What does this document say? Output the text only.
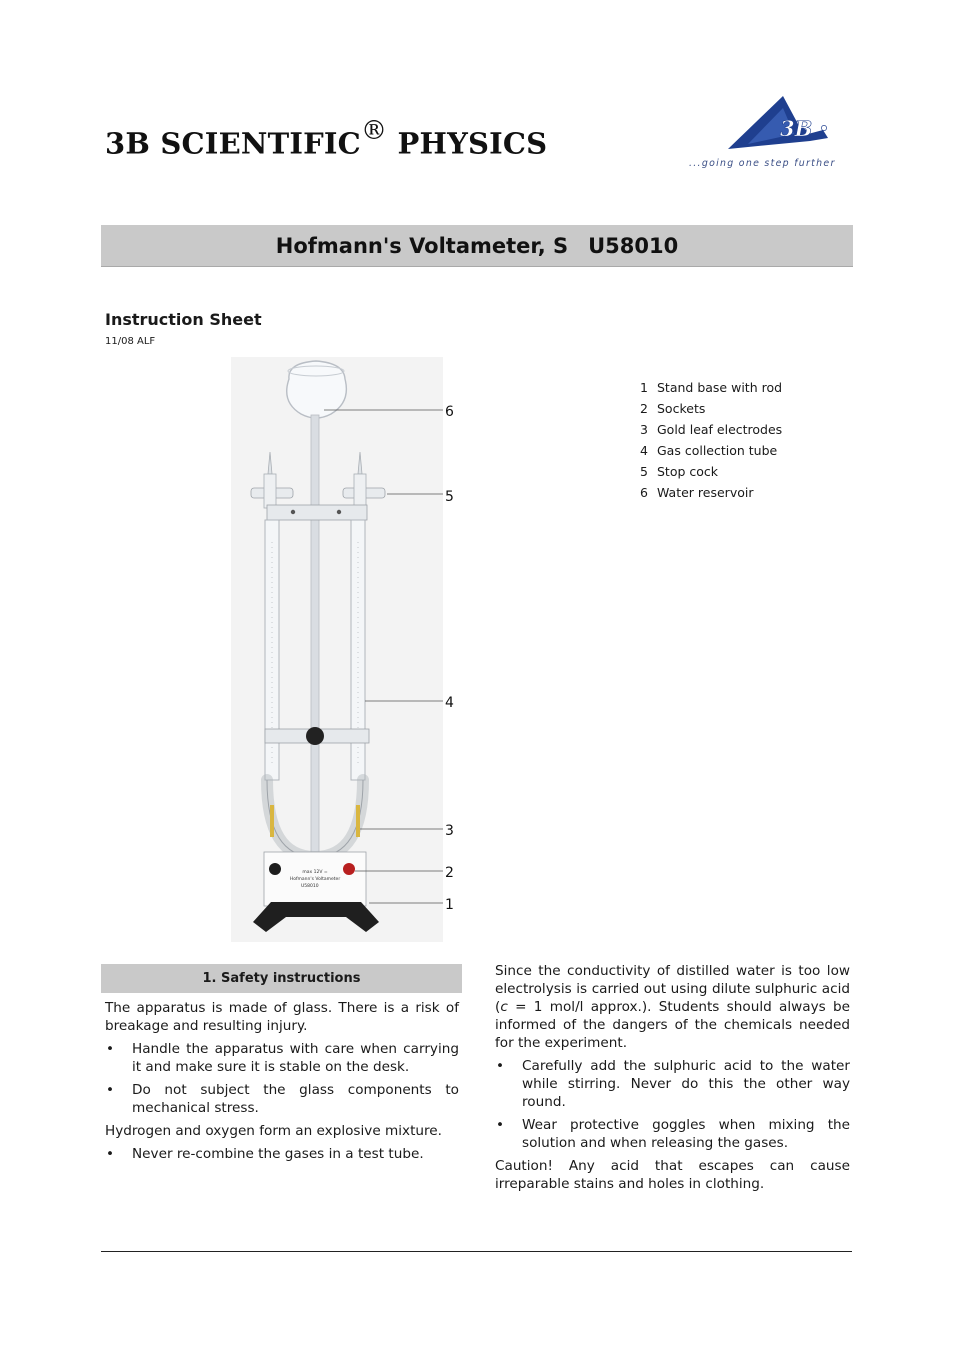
3B SCIENTIFIC® PHYSICS	3B
...going one step further
Hofmann's Voltameter, S U58010
Instruction Sheet
11/08 ALF
max 12V =
Hofmann's Voltameter
U58010
6
5
4
3
2
1
1 Stand base with rod
2 Sockets
3 Gold leaf electrodes
4 Gas collection tube
5 Stop cock
6 Water reservoir
1. Safety instructions

The apparatus is made of glass. There is a risk of breakage and resulting injury.

• Handle the apparatus with care when carrying it and make sure it is stable on the desk.
• Do not subject the glass components to mechanical stress.

Hydrogen and oxygen form an explosive mixture.

• Never re-combine the gases in a test tube.

Since the conductivity of distilled water is too low electrolysis is carried out using dilute sulphuric acid (c = 1 mol/l approx.). Students should always be informed of the dangers of the chemicals needed for the experiment.

• Carefully add the sulphuric acid to the water while stirring. Never do this the other way round.
• Wear protective goggles when mixing the solution and when releasing the gases.

Caution! Any acid that escapes can cause irreparable stains and holes in clothing.
